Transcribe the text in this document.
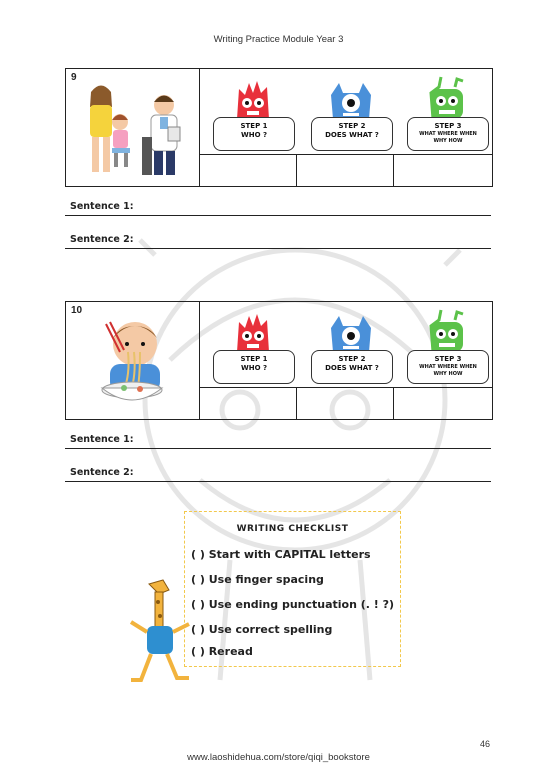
Writing Practice Module Year 3
9
STEP 1
WHO ?
STEP 2
DOES WHAT ?
STEP 3
WHAT WHERE WHEN
WHY HOW
Sentence 1:
Sentence 2:
10
STEP 1
WHO ?
STEP 2
DOES WHAT ?
STEP 3
WHAT WHERE WHEN
WHY HOW
Sentence 1:
Sentence 2:
WRITING CHECKLIST
( ) Start with CAPITAL letters
( ) Use finger spacing
( ) Use ending punctuation (. ! ?)
( ) Use correct spelling
( ) Reread
46
www.laoshidehua.com/store/qiqi_bookstore
